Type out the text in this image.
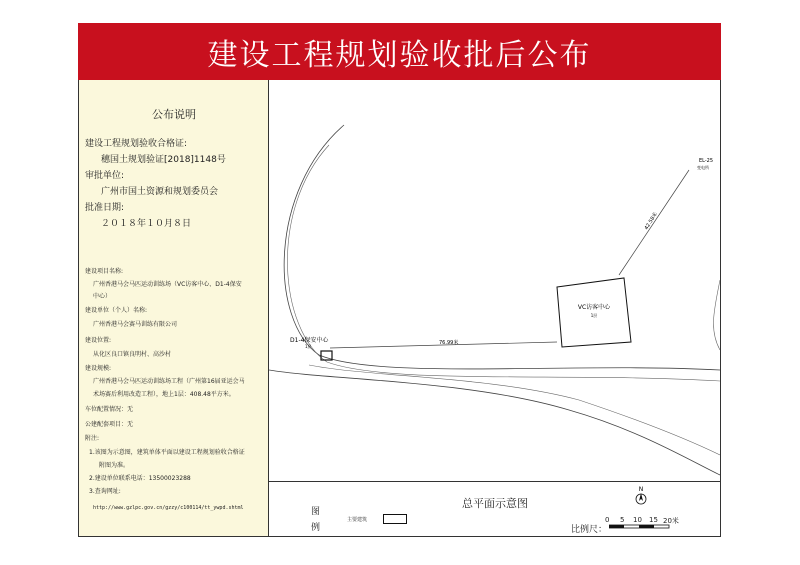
建设工程规划验收批后公布
公布说明
建设工程规划验收合格证:
穗国土规划验证[2018]1148号
审批单位:
广州市国土资源和规划委员会
批准日期:
２０１８年１０月８日
建设项目名称:
广州香港马会马匹运动训练场（VC访客中心、D1-4保安
中心）
建设单位（个人）名称:
广州香港马会赛马训练有限公司
建设位置:
从化区良口镇良明村、高沙村
建设规模:
广州香港马会马匹运动训练场工程（广州第16届亚运会马
术场赛后利用改造工程），地上1层：408.48平方米。
车位配置情况：无
公建配套项目：无
附注:
1.该图为示意图，建筑单体平面以建设工程规划验收合格证
附图为准。
2.建设单位联系电话：13500023288
3.查询网址:
http://www.gzlpc.gov.cn/gzzy/c100114/tt_ywpd.shtml
VC访客中心
1层
D1-4保安中心
1层
76.99米
42.58米
EL-25
变电所
图
例
主要建筑
总平面示意图
N
比例尺：
0 5 10 15 20米
